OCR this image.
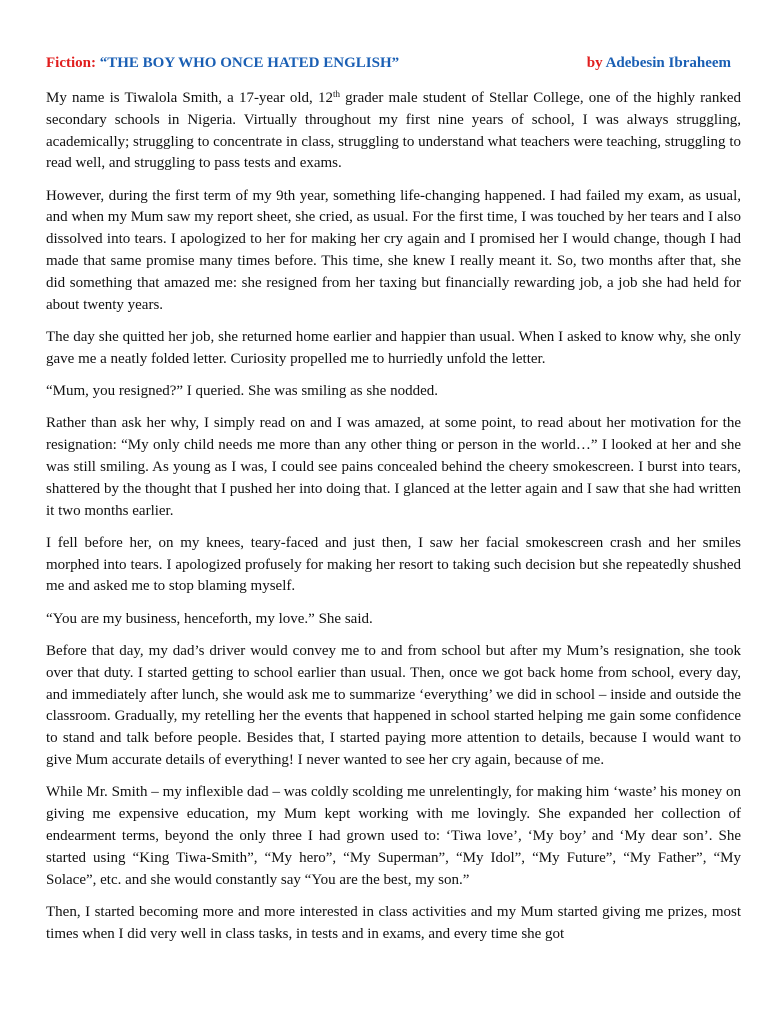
Fiction: “THE BOY WHO ONCE HATED ENGLISH”	by Adebesin Ibraheem

My name is Tiwalola Smith, a 17-year old, 12th grader male student of Stellar College, one of the highly ranked secondary schools in Nigeria. Virtually throughout my first nine years of school, I was always struggling, academically; struggling to concentrate in class, struggling to understand what teachers were teaching, struggling to read well, and struggling to pass tests and exams.

However, during the first term of my 9th year, something life-changing happened. I had failed my exam, as usual, and when my Mum saw my report sheet, she cried, as usual. For the first time, I was touched by her tears and I also dissolved into tears. I apologized to her for making her cry again and I promised her I would change, though I had made that same promise many times before. This time, she knew I really meant it. So, two months after that, she did something that amazed me: she resigned from her taxing but financially rewarding job, a job she had held for about twenty years.

The day she quitted her job, she returned home earlier and happier than usual. When I asked to know why, she only gave me a neatly folded letter. Curiosity propelled me to hurriedly unfold the letter.

“Mum, you resigned?” I queried. She was smiling as she nodded.

Rather than ask her why, I simply read on and I was amazed, at some point, to read about her motivation for the resignation: “My only child needs me more than any other thing or person in the world…” I looked at her and she was still smiling. As young as I was, I could see pains concealed behind the cheery smokescreen. I burst into tears, shattered by the thought that I pushed her into doing that. I glanced at the letter again and I saw that she had written it two months earlier.

I fell before her, on my knees, teary-faced and just then, I saw her facial smokescreen crash and her smiles morphed into tears. I apologized profusely for making her resort to taking such decision but she repeatedly shushed me and asked me to stop blaming myself.

“You are my business, henceforth, my love.” She said.

Before that day, my dad’s driver would convey me to and from school but after my Mum’s resignation, she took over that duty. I started getting to school earlier than usual. Then, once we got back home from school, every day, and immediately after lunch, she would ask me to summarize ‘everything’ we did in school – inside and outside the classroom. Gradually, my retelling her the events that happened in school started helping me gain some confidence to stand and talk before people. Besides that, I started paying more attention to details, because I would want to give Mum accurate details of everything! I never wanted to see her cry again, because of me.

While Mr. Smith – my inflexible dad – was coldly scolding me unrelentingly, for making him ‘waste’ his money on giving me expensive education, my Mum kept working with me lovingly. She expanded her collection of endearment terms, beyond the only three I had grown used to: ‘Tiwa love’, ‘My boy’ and ‘My dear son’. She started using “King Tiwa-Smith”, “My hero”, “My Superman”, “My Idol”, “My Future”, “My Father”, “My Solace”, etc. and she would constantly say “You are the best, my son.”

Then, I started becoming more and more interested in class activities and my Mum started giving me prizes, most times when I did very well in class tasks, in tests and in exams, and every time she got
